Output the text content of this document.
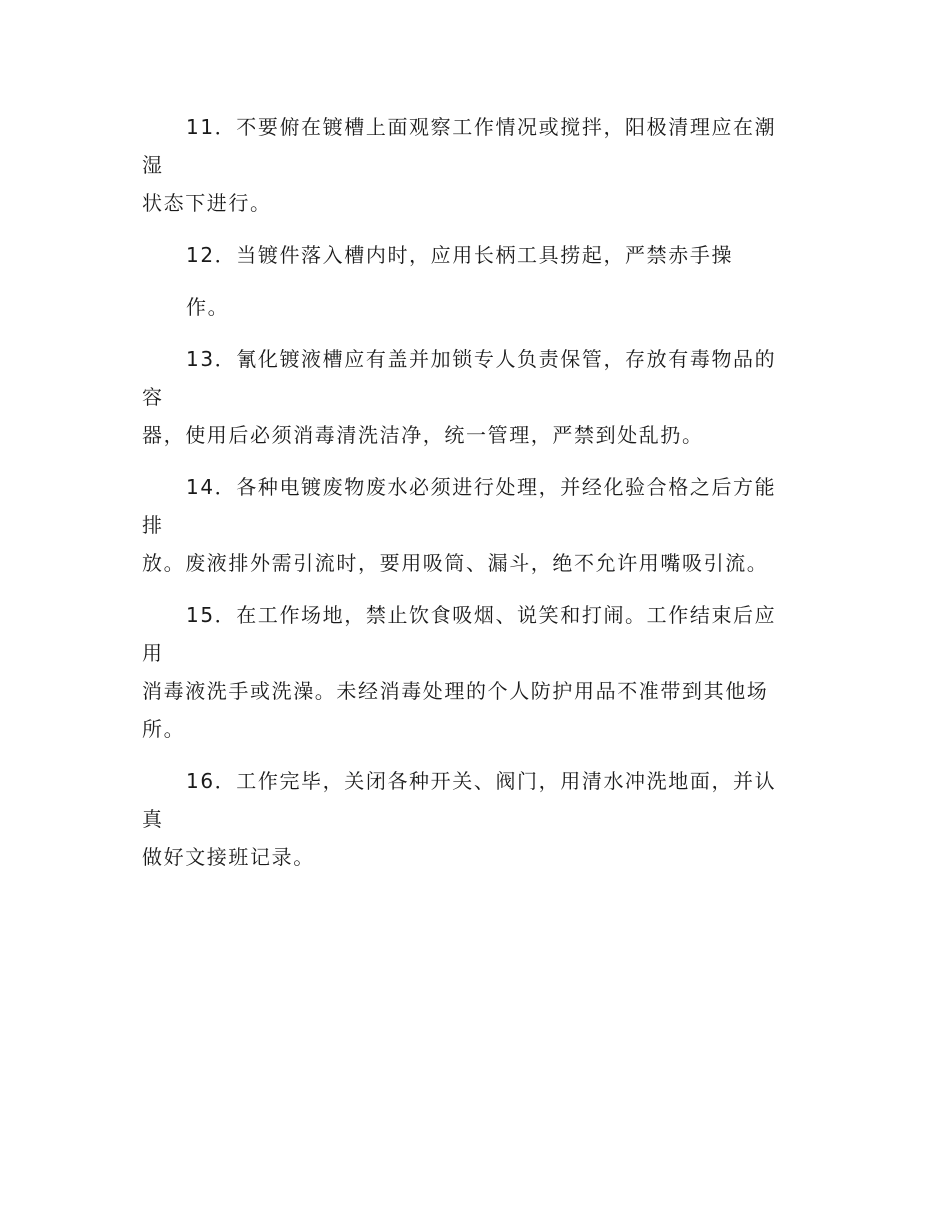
11．不要俯在镀槽上面观察工作情况或搅拌，阳极清理应在潮湿
状态下进行。
12．当镀件落入槽内时，应用长柄工具捞起，严禁赤手操
作。
13．氰化镀液槽应有盖并加锁专人负责保管，存放有毒物品的容
器，使用后必须消毒清洗洁净，统一管理，严禁到处乱扔。
14．各种电镀废物废水必须进行处理，并经化验合格之后方能排
放。废液排外需引流时，要用吸筒、漏斗，绝不允许用嘴吸引流。
15．在工作场地，禁止饮食吸烟、说笑和打闹。工作结束后应用
消毒液洗手或洗澡。未经消毒处理的个人防护用品不准带到其他场
所。
16．工作完毕，关闭各种开关、阀门，用清水冲洗地面，并认真
做好文接班记录。
